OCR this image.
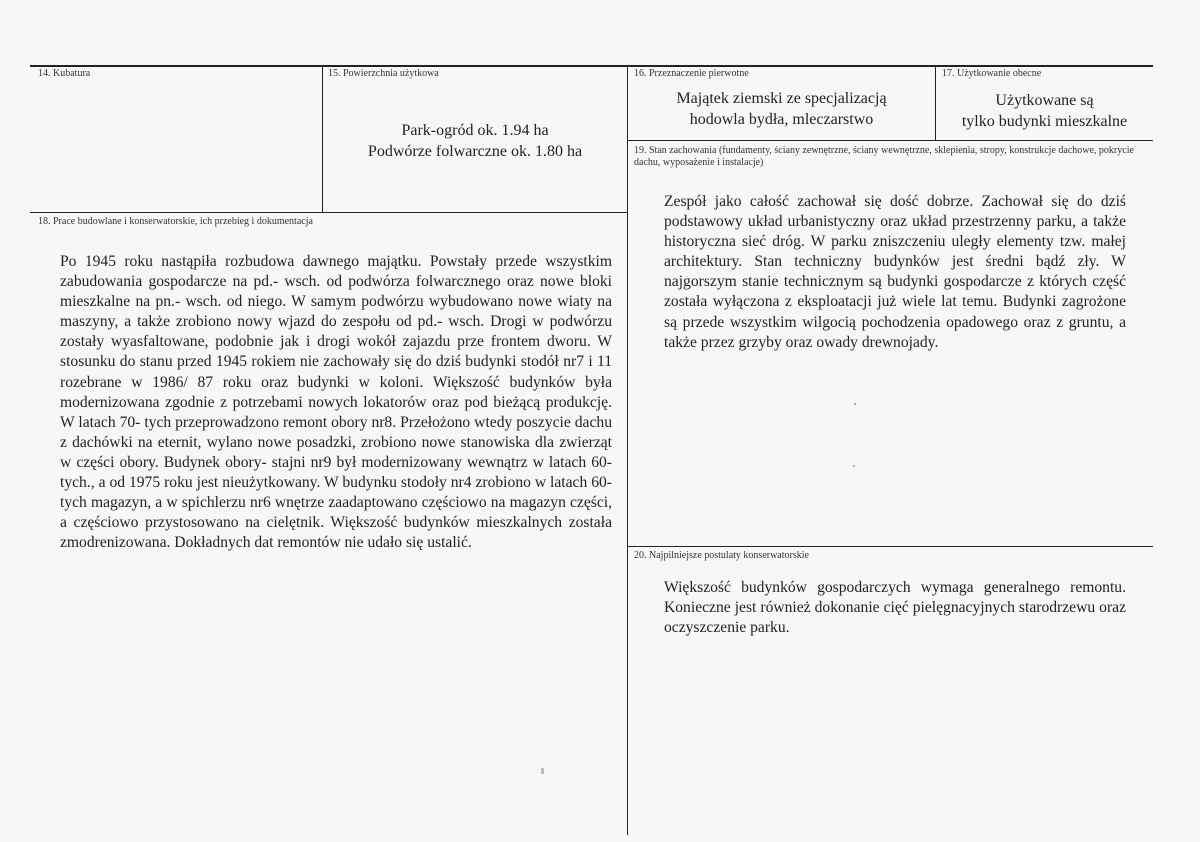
14. Kubatura	15. Powierzchnia użytkowa
Park-ogród ok. 1.94 ha
Podwórze folwarczne ok. 1.80 ha
16. Przeznaczenie pierwotne
Majątek ziemski ze specjalizacją
hodowla bydła, mleczarstwo
17. Użytkowanie obecne
Użytkowane są
tylko budynki mieszkalne
18. Prace budowlane i konserwatorskie, ich przebieg i dokumentacja

Po 1945 roku nastąpiła rozbudowa dawnego majątku. Powstały przede wszystkim zabudowania gospodarcze na pd.- wsch. od podwórza folwarcznego oraz nowe bloki mieszkalne na pn.- wsch. od niego. W samym podwórzu wybudowano nowe wiaty na maszyny, a także zrobiono nowy wjazd do zespołu od pd.- wsch. Drogi w podwórzu zostały wyasfaltowane, podobnie jak i drogi wokół zajazdu prze frontem dworu. W stosunku do stanu przed 1945 rokiem nie zachowały się do dziś budynki stodół nr7 i 11 rozebrane w 1986/ 87 roku oraz budynki w koloni. Większość budynków była modernizowana zgodnie z potrzebami nowych lokatorów oraz pod bieżącą produkcję. W latach 70- tych przeprowadzono remont obory nr8. Przełożono wtedy poszycie dachu z dachówki na eternit, wylano nowe posadzki, zrobiono nowe stanowiska dla zwierząt w części obory. Budynek obory- stajni nr9 był modernizowany wewnątrz w latach 60- tych., a od 1975 roku jest nieużytkowany. W budynku stodoły nr4 zrobiono w latach 60- tych magazyn, a w spichlerzu nr6 wnętrze zaadaptowano częściowo na magazyn części, a częściowo przystosowano na cielętnik. Większość budynków mieszkalnych została zmodrenizowana. Dokładnych dat remontów nie udało się ustalić.

19. Stan zachowania (fundamenty, ściany zewnętrzne, ściany wewnętrzne, sklepienia, stropy, konstrukcje dachowe, pokrycie dachu, wyposażenie i instalacje)

Zespół jako całość zachował się dość dobrze. Zachował się do dziś podstawowy układ urbanistyczny oraz układ przestrzenny parku, a także historyczna sieć dróg. W parku zniszczeniu uległy elementy tzw. małej architektury. Stan techniczny budynków jest średni bądź zły. W najgorszym stanie technicznym są budynki gospodarcze z których część została wyłączona z eksploatacji już wiele lat temu. Budynki zagrożone są przede wszystkim wilgocią pochodzenia opadowego oraz z gruntu, a także przez grzyby oraz owady drewnojady.

20. Najpilniejsze postulaty konserwatorskie

Większość budynków gospodarczych wymaga generalnego remontu. Konieczne jest również dokonanie cięć pielęgnacyjnych starodrzewu oraz oczyszczenie parku.
